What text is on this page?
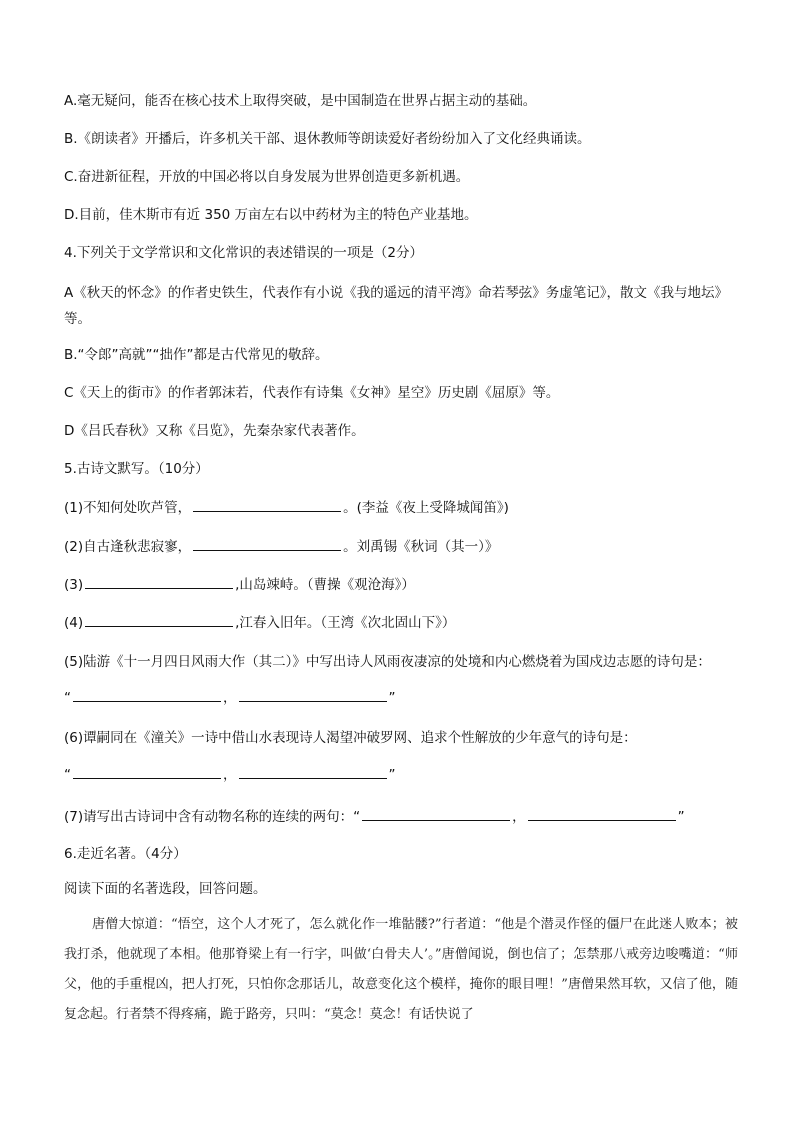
A.毫无疑问，能否在核心技术上取得突破，是中国制造在世界占据主动的基础。
B.《朗读者》开播后，许多机关干部、退休教师等朗读爱好者纷纷加入了文化经典诵读。
C.奋进新征程，开放的中国必将以自身发展为世界创造更多新机遇。
D.目前，佳木斯市有近 350 万亩左右以中药材为主的特色产业基地。
4.下列关于文学常识和文化常识的表述错误的一项是（2分）
A《秋天的怀念》的作者史铁生，代表作有小说《我的遥远的清平湾》命若琴弦》务虚笔记》，散文《我与地坛》等。
B.“令郎”高就”“拙作”都是古代常见的敬辞。
C《天上的街市》的作者郭沫若，代表作有诗集《女神》星空》历史剧《屈原》等。
D《吕氏春秋》又称《吕览》，先秦杂家代表著作。
5.古诗文默写。（10分）
(1)不知何处吹芦管，	。(李益《夜上受降城闻笛》)
(2)自古逢秋悲寂寥，	。刘禹锡《秋词（其一）》
(3)	,山岛竦峙。（曹操《观沧海》）
(4)	,江春入旧年。（王湾《次北固山下》）
(5)陆游《十一月四日风雨大作（其二）》中写出诗人风雨夜凄凉的处境和内心燃烧着为国戍边志愿的诗句是：
“	，	”
(6)谭嗣同在《潼关》一诗中借山水表现诗人渴望冲破罗网、追求个性解放的少年意气的诗句是：
“	，	”
(7)请写出古诗词中含有动物名称的连续的两句：“	，	”
6.走近名著。（4分）
阅读下面的名著选段，回答问题。
唐僧大惊道：“悟空，这个人才死了，怎么就化作一堆骷髅?”行者道：“他是个潜灵作怪的僵尸在此迷人败本；被我打杀，他就现了本相。他那脊梁上有一行字，叫做‘白骨夫人’。”唐僧闻说，倒也信了；怎禁那八戒旁边唆嘴道：“师父，他的手重棍凶，把人打死，只怕你念那话儿，故意变化这个模样，掩你的眼目哩！”唐僧果然耳软，又信了他，随复念起。行者禁不得疼痛，跪于路旁，只叫：“莫念！莫念！有话快说了
